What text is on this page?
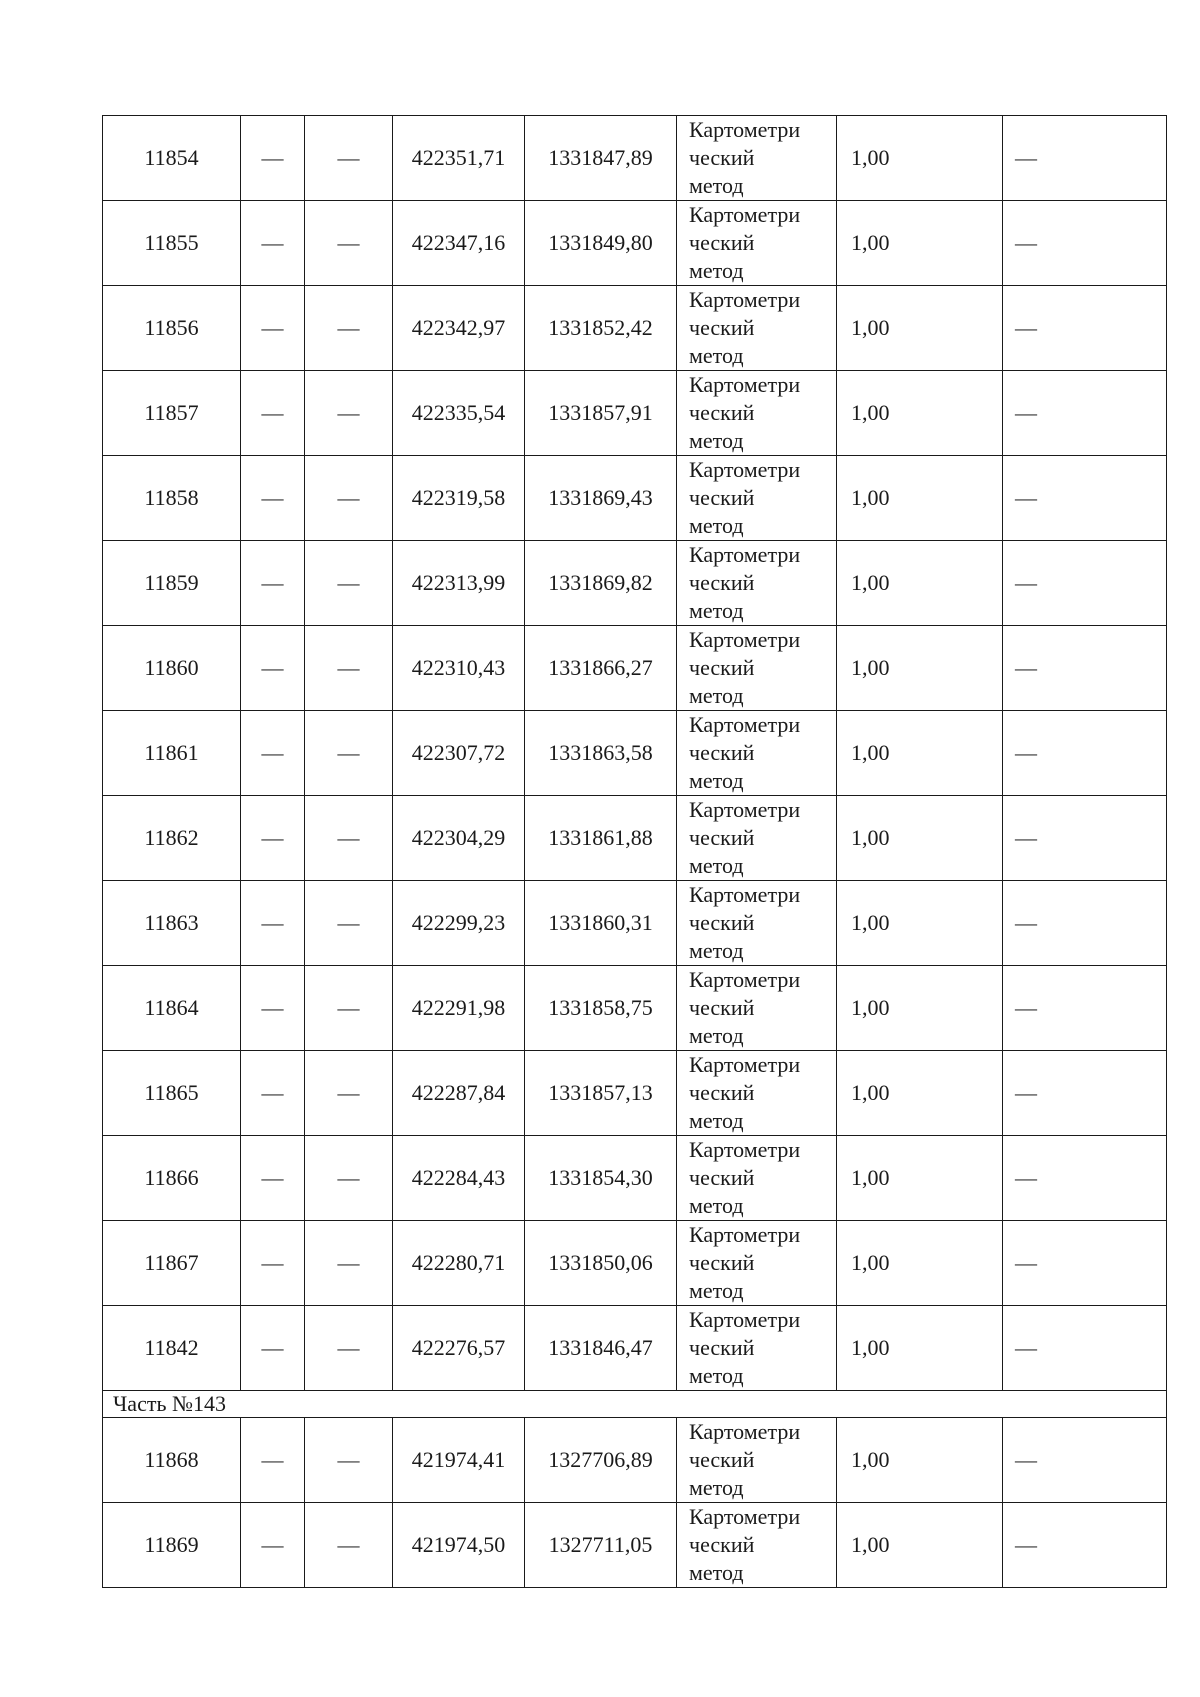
11854	—	—	422351,71	1331847,89	Картометри
ческий
метод	1,00	—
11855	—	—	422347,16	1331849,80	Картометри
ческий
метод	1,00	—
11856	—	—	422342,97	1331852,42	Картометри
ческий
метод	1,00	—
11857	—	—	422335,54	1331857,91	Картометри
ческий
метод	1,00	—
11858	—	—	422319,58	1331869,43	Картометри
ческий
метод	1,00	—
11859	—	—	422313,99	1331869,82	Картометри
ческий
метод	1,00	—
11860	—	—	422310,43	1331866,27	Картометри
ческий
метод	1,00	—
11861	—	—	422307,72	1331863,58	Картометри
ческий
метод	1,00	—
11862	—	—	422304,29	1331861,88	Картометри
ческий
метод	1,00	—
11863	—	—	422299,23	1331860,31	Картометри
ческий
метод	1,00	—
11864	—	—	422291,98	1331858,75	Картометри
ческий
метод	1,00	—
11865	—	—	422287,84	1331857,13	Картометри
ческий
метод	1,00	—
11866	—	—	422284,43	1331854,30	Картометри
ческий
метод	1,00	—
11867	—	—	422280,71	1331850,06	Картометри
ческий
метод	1,00	—
11842	—	—	422276,57	1331846,47	Картометри
ческий
метод	1,00	—
Часть №143							
11868	—	—	421974,41	1327706,89	Картометри
ческий
метод	1,00	—
11869	—	—	421974,50	1327711,05	Картометри
ческий
метод	1,00	—
